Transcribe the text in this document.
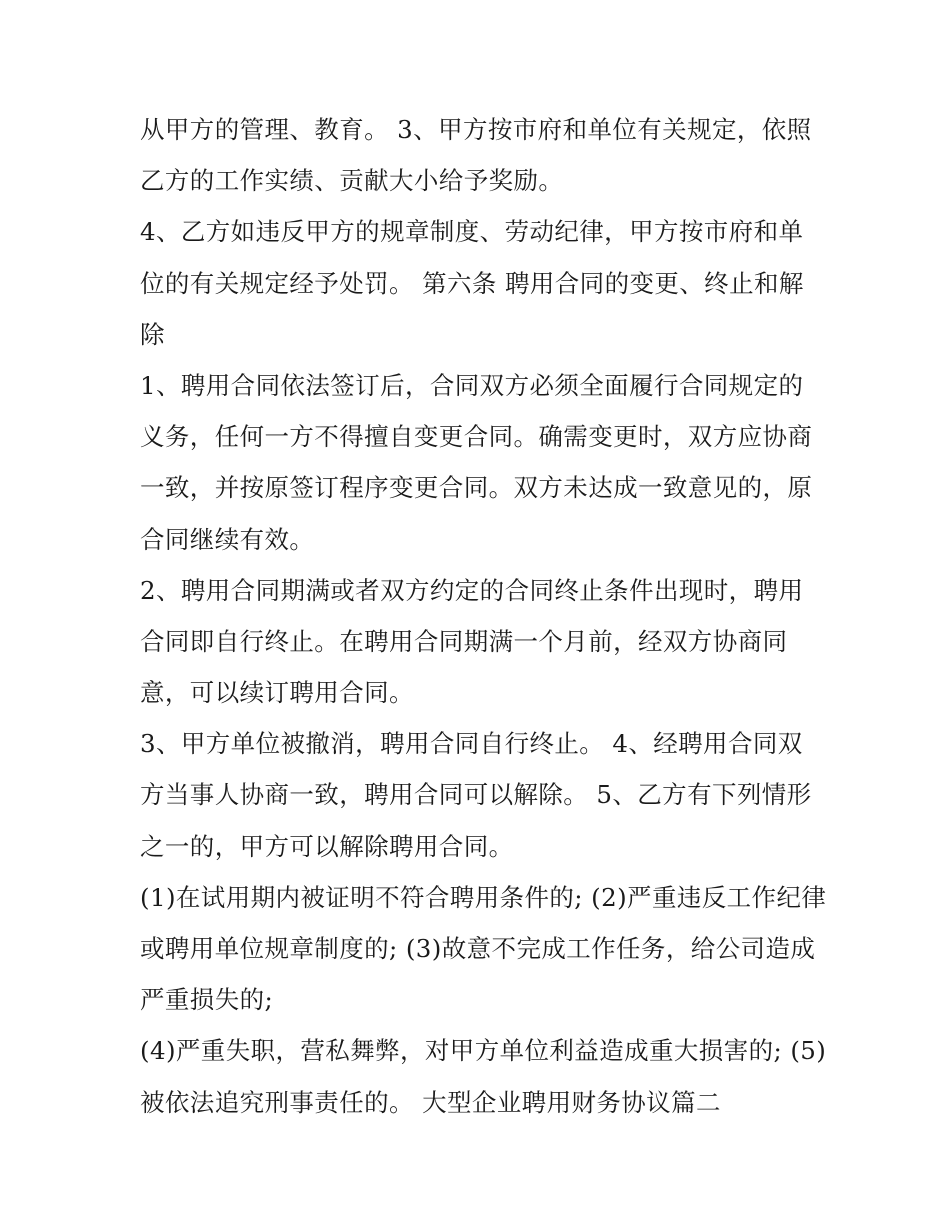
从甲方的管理、教育。 3、甲方按市府和单位有关规定，依照
乙方的工作实绩、贡献大小给予奖励。
4、乙方如违反甲方的规章制度、劳动纪律，甲方按市府和单
位的有关规定经予处罚。 第六条 聘用合同的变更、终止和解
除
1、聘用合同依法签订后，合同双方必须全面履行合同规定的
义务，任何一方不得擅自变更合同。确需变更时，双方应协商
一致，并按原签订程序变更合同。双方未达成一致意见的，原
合同继续有效。
2、聘用合同期满或者双方约定的合同终止条件出现时，聘用
合同即自行终止。在聘用合同期满一个月前，经双方协商同
意，可以续订聘用合同。
3、甲方单位被撤消，聘用合同自行终止。 4、经聘用合同双
方当事人协商一致，聘用合同可以解除。 5、乙方有下列情形
之一的，甲方可以解除聘用合同。
(1)在试用期内被证明不符合聘用条件的; (2)严重违反工作纪律
或聘用单位规章制度的; (3)故意不完成工作任务，给公司造成
严重损失的;
(4)严重失职，营私舞弊，对甲方单位利益造成重大损害的; (5)
被依法追究刑事责任的。 大型企业聘用财务协议篇二
